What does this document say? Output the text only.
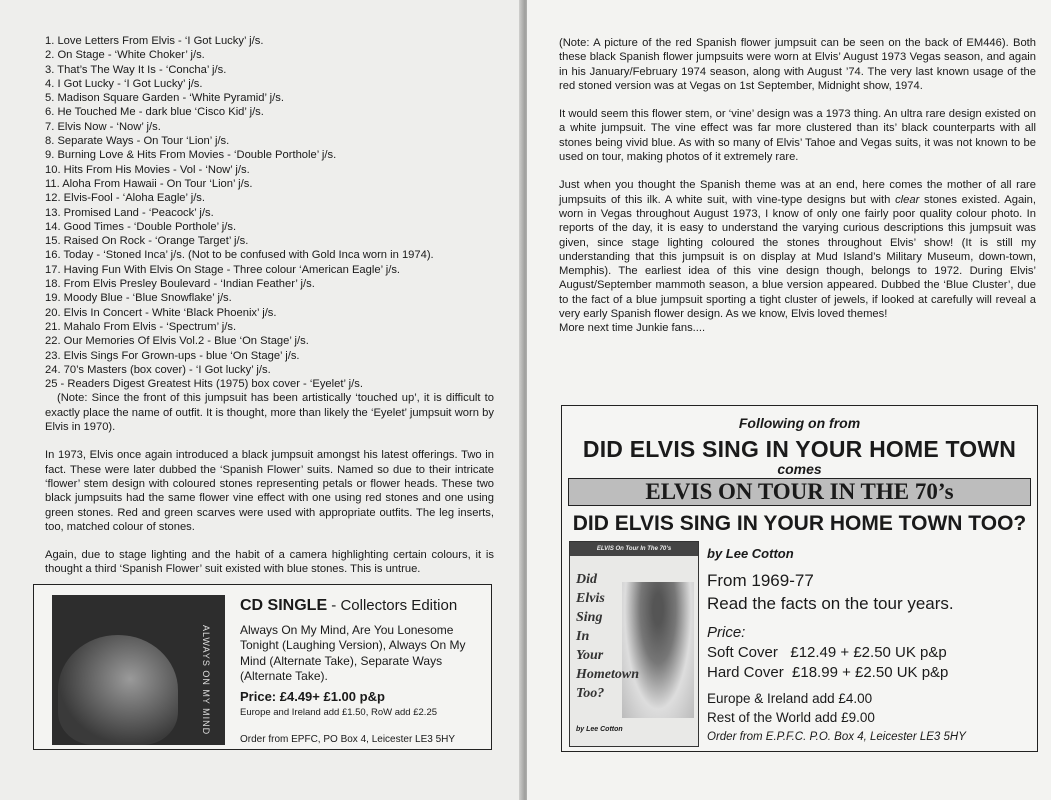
1. Love Letters From Elvis - ‘I Got Lucky’ j/s.
2. On Stage - ‘White Choker’ j/s.
3. That’s The Way It Is - ‘Concha’ j/s.
4. I Got Lucky - ‘I Got Lucky’ j/s.
5. Madison Square Garden - ‘White Pyramid’ j/s.
6. He Touched Me - dark blue ‘Cisco Kid’ j/s.
7. Elvis Now - ‘Now’ j/s.
8. Separate Ways - On Tour ‘Lion’ j/s.
9. Burning Love & Hits From Movies - ‘Double Porthole’ j/s.
10. Hits From His Movies - Vol - ‘Now’ j/s.
11. Aloha From Hawaii - On Tour ‘Lion’ j/s.
12. Elvis-Fool - ‘Aloha Eagle’ j/s.
13. Promised Land - ‘Peacock’ j/s.
14. Good Times - ‘Double Porthole’ j/s.
15. Raised On Rock - ‘Orange Target’ j/s.
16. Today - ‘Stoned Inca’ j/s. (Not to be confused with Gold Inca worn in 1974).
17. Having Fun With Elvis On Stage - Three colour ‘American Eagle’ j/s.
18. From Elvis Presley Boulevard - ‘Indian Feather’ j/s.
19. Moody Blue - ‘Blue Snowflake’ j/s.
20. Elvis In Concert - White ‘Black Phoenix’ j/s.
21. Mahalo From Elvis - ‘Spectrum’ j/s.
22. Our Memories Of Elvis Vol.2 - Blue ‘On Stage’ j/s.
23. Elvis Sings For Grown-ups - blue ‘On Stage’ j/s.
24. 70’s Masters (box cover) - ‘I Got lucky’ j/s.
25 - Readers Digest Greatest Hits (1975) box cover - ‘Eyelet’ j/s.

(Note: Since the front of this jumpsuit has been artistically ‘touched up’, it is difficult to exactly place the name of outfit. It is thought, more than likely the ‘Eyelet’ jumpsuit worn by Elvis in 1970).

In 1973, Elvis once again introduced a black jumpsuit amongst his latest offerings. Two in fact. These were later dubbed the ‘Spanish Flower’ suits. Named so due to their intricate ‘flower’ stem design with coloured stones representing petals or flower heads. These two black jumpsuits had the same flower vine effect with one using red stones and one using green stones. Red and green scarves were used with appropriate outfits. The leg inserts, too, matched colour of stones.

Again, due to stage lighting and the habit of a camera highlighting certain colours, it is thought a third ‘Spanish Flower’ suit existed with blue stones. This is untrue.

ALWAYS ON MY MIND
CD SINGLE - Collectors Edition
Always On My Mind, Are You Lonesome Tonight (Laughing Version), Always On My Mind (Alternate Take), Separate Ways (Alternate Take).
Price: £4.49+ £1.00 p&p
Europe and Ireland add £1.50, RoW add £2.25
Order from EPFC, PO Box 4, Leicester LE3 5HY

(Note: A picture of the red Spanish flower jumpsuit can be seen on the back of EM446). Both these black Spanish flower jumpsuits were worn at Elvis’ August 1973 Vegas season, and again in his January/February 1974 season, along with August ’74. The very last known usage of the red stoned version was at Vegas on 1st September, Midnight show, 1974.

It would seem this flower stem, or ‘vine’ design was a 1973 thing. An ultra rare design existed on a white jumpsuit. The vine effect was far more clustered than its’ black counterparts with all stones being vivid blue. As with so many of Elvis’ Tahoe and Vegas suits, it was not known to be used on tour, making photos of it extremely rare.

Just when you thought the Spanish theme was at an end, here comes the mother of all rare jumpsuits of this ilk. A white suit, with vine-type designs but with clear stones existed. Again, worn in Vegas throughout August 1973, I know of only one fairly poor quality colour photo. In reports of the day, it is easy to understand the varying curious descriptions this jumpsuit was given, since stage lighting coloured the stones throughout Elvis’ show! (It is still my understanding that this jumpsuit is on display at Mud Island’s Military Museum, down-town, Memphis). The earliest idea of this vine design though, belongs to 1972. During Elvis’ August/September mammoth season, a blue version appeared. Dubbed the ‘Blue Cluster’, due to the fact of a blue jumpsuit sporting a tight cluster of jewels, if looked at carefully will reveal a very early Spanish flower design. As we know, Elvis loved themes!

More next time Junkie fans....

Following on from
DID ELVIS SING IN YOUR HOME TOWN
comes
ELVIS ON TOUR IN THE 70’s
DID ELVIS SING IN YOUR HOME TOWN TOO?
ELVIS On Tour In The 70’s
Did
Elvis
Sing
In
Your
Hometown
Too?
by Lee Cotton
by Lee Cotton
From 1969-77
Read the facts on the tour years.
Price:
Soft Cover   £12.49 + £2.50 UK p&p
Hard Cover  £18.99 + £2.50 UK p&p
Europe & Ireland add £4.00
Rest of the World add £9.00
Order from E.P.F.C. P.O. Box 4, Leicester LE3 5HY
